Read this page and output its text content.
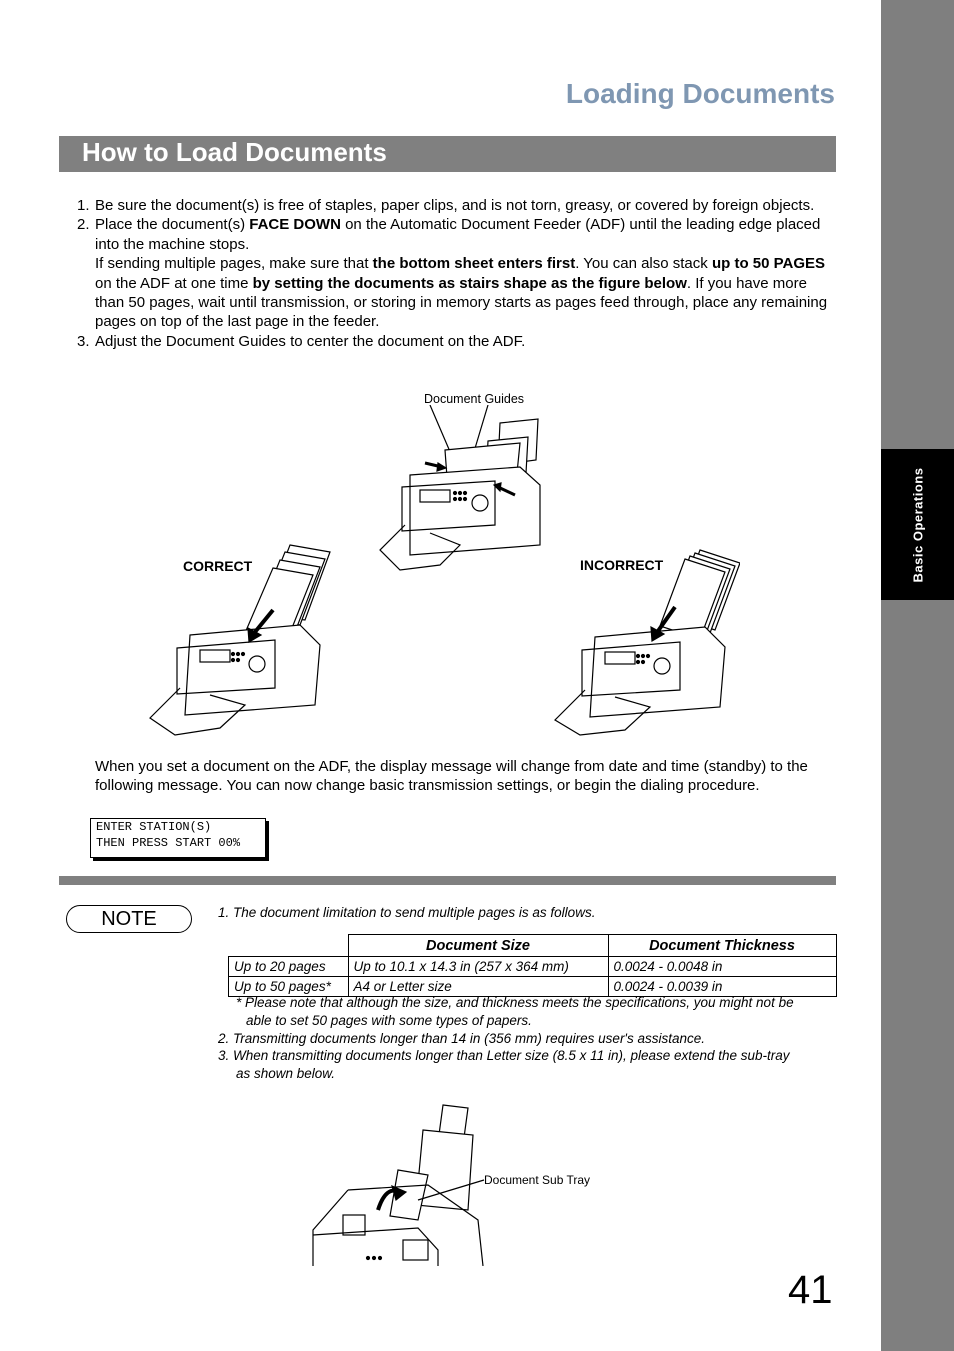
Basic Operations
Loading Documents
How to Load Documents
1. Be sure the document(s) is free of staples, paper clips, and is not torn, greasy, or covered by foreign objects.
2. Place the document(s) FACE DOWN on the Automatic Document Feeder (ADF) until the leading edge placed into the machine stops.
If sending multiple pages, make sure that the bottom sheet enters first. You can also stack up to 50 PAGES on the ADF at one time by setting the documents as stairs shape as the figure below. If you have more than 50 pages, wait until transmission, or storing in memory starts as pages feed through, place any remaining pages on top of the last page in the feeder.
3. Adjust the Document Guides to center the document on the ADF.
Document Guides
CORRECT	INCORRECT
When you set a document on the ADF, the display message will change from date and time (standby) to the following message. You can now change basic transmission settings, or begin the dialing procedure.
ENTER STATION(S)
THEN PRESS START 00%
NOTE	1. The document limitation to send multiple pages is as follows.
	Document Size	Document Thickness
Up to 20 pages	Up to 10.1 x 14.3 in (257 x 364 mm)	0.0024 - 0.0048 in
Up to 50 pages*	A4 or Letter size	0.0024 - 0.0039 in
* Please note that although the size, and thickness meets the specifications, you might not be
able to set 50 pages with some types of papers.
2. Transmitting documents longer than 14 in (356 mm) requires user's assistance.
3. When transmitting documents longer than Letter size (8.5 x 11 in), please extend the sub-tray
as shown below.
Document Sub Tray
41
